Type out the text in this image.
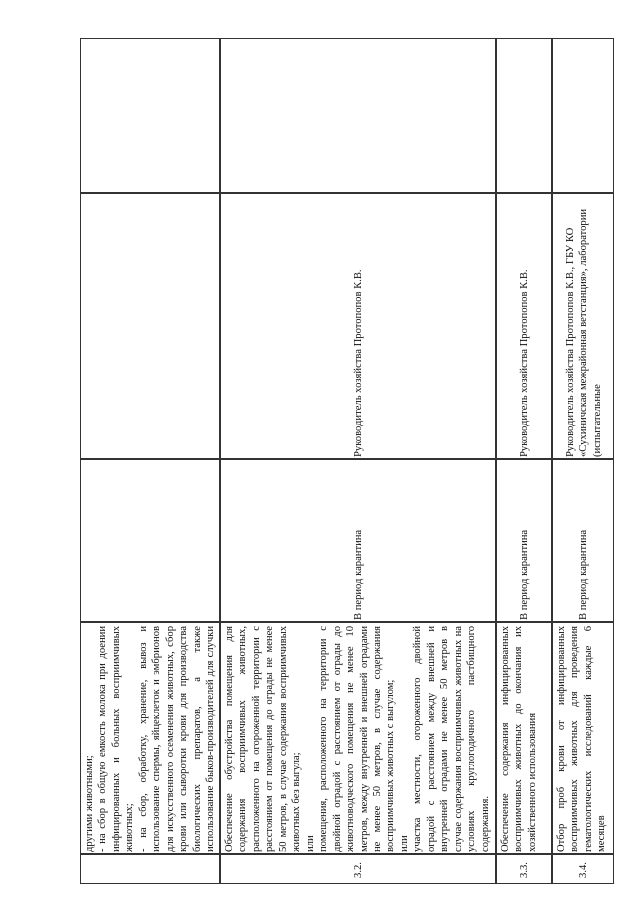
другими животными; - на сбор в общую емкость молока при доении инфицированных и больных восприимчивых животных; - на сбор, обработку, хранение, вывоз и использование спермы, яйцеклеток и эмбрионов для искусственного осеменения животных, сбор крови или сыворотки крови для производства биологических препаратов, а также использование быков-производителей для случки

3.2.

Обеспечение обустройства помещения для содержания восприимчивых животных, расположенного на огороженной территории с расстоянием от помещения до ограды не менее 50 метров, в случае содержания восприимчивых животных без выгула; или помещения, расположенного на территории с двойной оградой с расстоянием от ограды до животноводческого помещения не менее 10 метров, между внутренней и внешней оградами не менее 50 метров, в случае содержания восприимчивых животных с выгулом; или участка местности, огороженного двойной оградой с расстоянием между внешней и внутренней оградами не менее 50 метров в случае содержания восприимчивых животных на условиях круглогодичного пастбищного содержания.

В период карантина
Руководитель хозяйства Протопопов К.В.
3.3.

Обеспечение содержания инфицированных восприимчивых животных до окончания их хозяйственного использования

В период карантина
Руководитель хозяйства Протопопов К.В.
3.4.

Отбор проб крови от инфицированных восприимчивых животных для проведения гематологических исследований каждые 6 месяцев

В период карантина
Руководитель хозяйства Протопопов К.В., ГБУ КО «Сухиничская межрайонная ветстанция», лаборатории (испытательные
